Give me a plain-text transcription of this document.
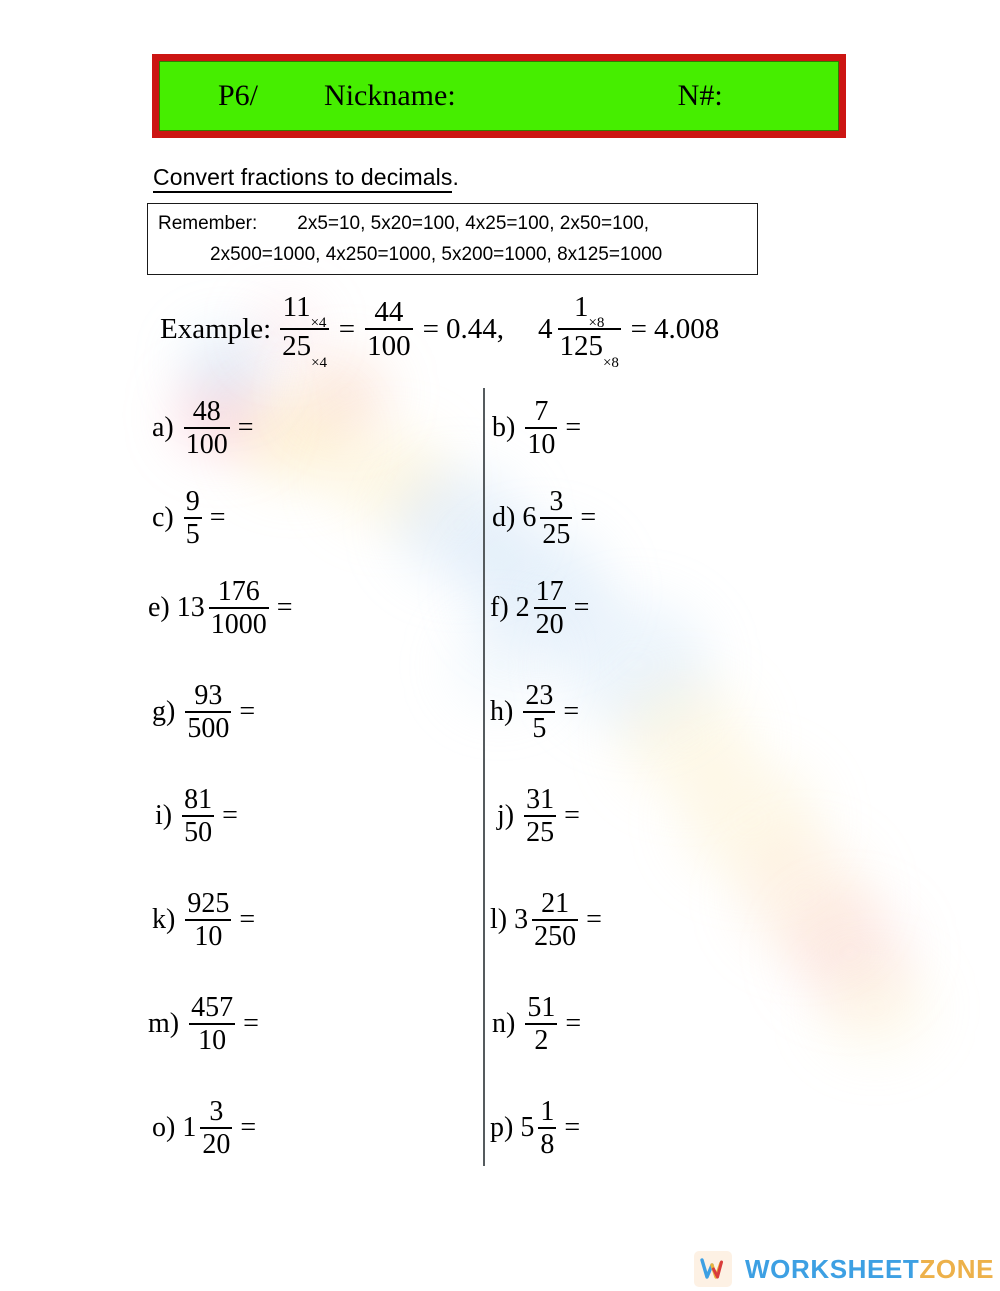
P6/ Nickname:	N#:
Convert fractions to decimals.
Remember: 2x5=10, 5x20=100, 4x25=100, 2x50=100,
2x500=1000, 4x250=1000, 5x200=1000, 8x125=1000
Example: $\frac{11_{\times 4}}{25_{\times 4}} = \frac{44}{100} = 0.44$, $4 \frac{1_{\times 8}}{125_{\times 8}} = 4.008$
$a) \frac{48}{100}$ =	$b) \frac{7}{10}$ =
$c) \frac{9}{5}$ =	d) $6 \frac{3}{25}$ =
e) $13 \frac{176}{1000}$ =	f) $2 \frac{17}{20}$ =
$g) \frac{93}{500}$ =	$h) \frac{23}{5}$ =
$i) \frac{81}{50}$ =	$j) \frac{31}{25}$ =
$k) \frac{925}{10}$ =	l) $3 \frac{21}{250}$ =
$m) \frac{457}{10}$ =	$n) \frac{51}{2}$ =
o) $1 \frac{3}{20}$ =	p) $5 \frac{1}{8}$ =
WORKSHEETZONE
